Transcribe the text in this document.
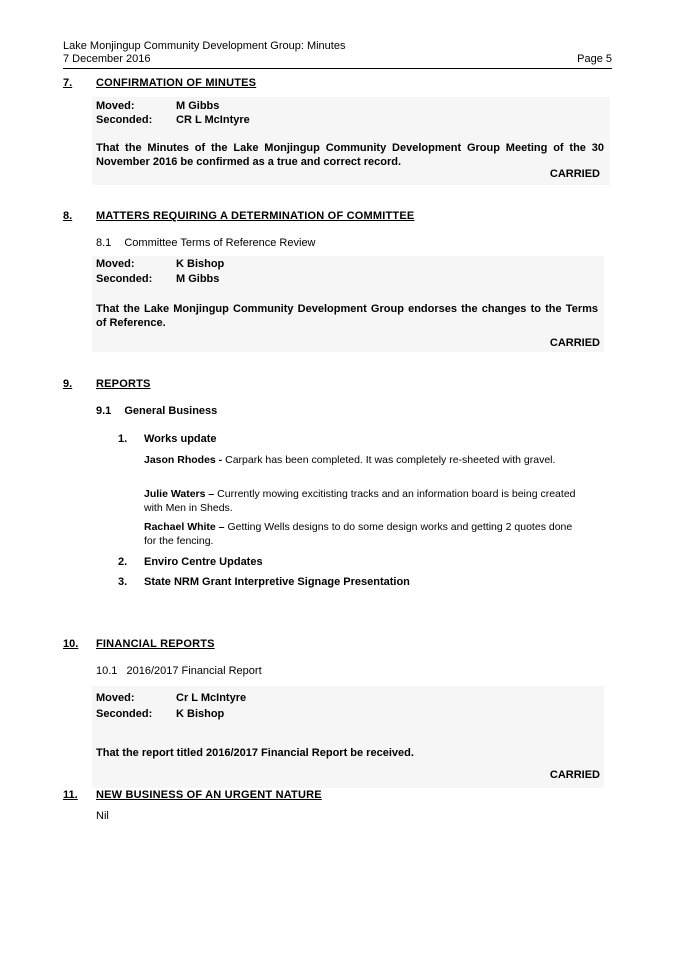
Lake Monjingup Community Development Group: Minutes
7 December 2016	Page 5
7.	CONFIRMATION OF MINUTES
Moved:	M Gibbs
Seconded: CR L McIntyre
That the Minutes of the Lake Monjingup Community Development Group Meeting of the 30 November 2016 be confirmed as a true and correct record.
CARRIED
8.	MATTERS REQUIRING A DETERMINATION OF COMMITTEE
8.1 Committee Terms of Reference Review
Moved:	K Bishop
Seconded: M Gibbs
That the Lake Monjingup Community Development Group endorses the changes to the Terms of Reference.
CARRIED
9.	REPORTS
9.1 General Business
1. Works update
Jason Rhodes - Carpark has been completed. It was completely re-sheeted with gravel.
Julie Waters – Currently mowing excitisting tracks and an information board is being created with Men in Sheds.
Rachael White – Getting Wells designs to do some design works and getting 2 quotes done for the fencing.
2. Enviro Centre Updates
3. State NRM Grant Interpretive Signage Presentation
10.	FINANCIAL REPORTS
10.1 2016/2017 Financial Report
Moved:	Cr L McIntyre
Seconded: K Bishop
That the report titled 2016/2017 Financial Report be received.
CARRIED
11.	NEW BUSINESS OF AN URGENT NATURE
Nil
